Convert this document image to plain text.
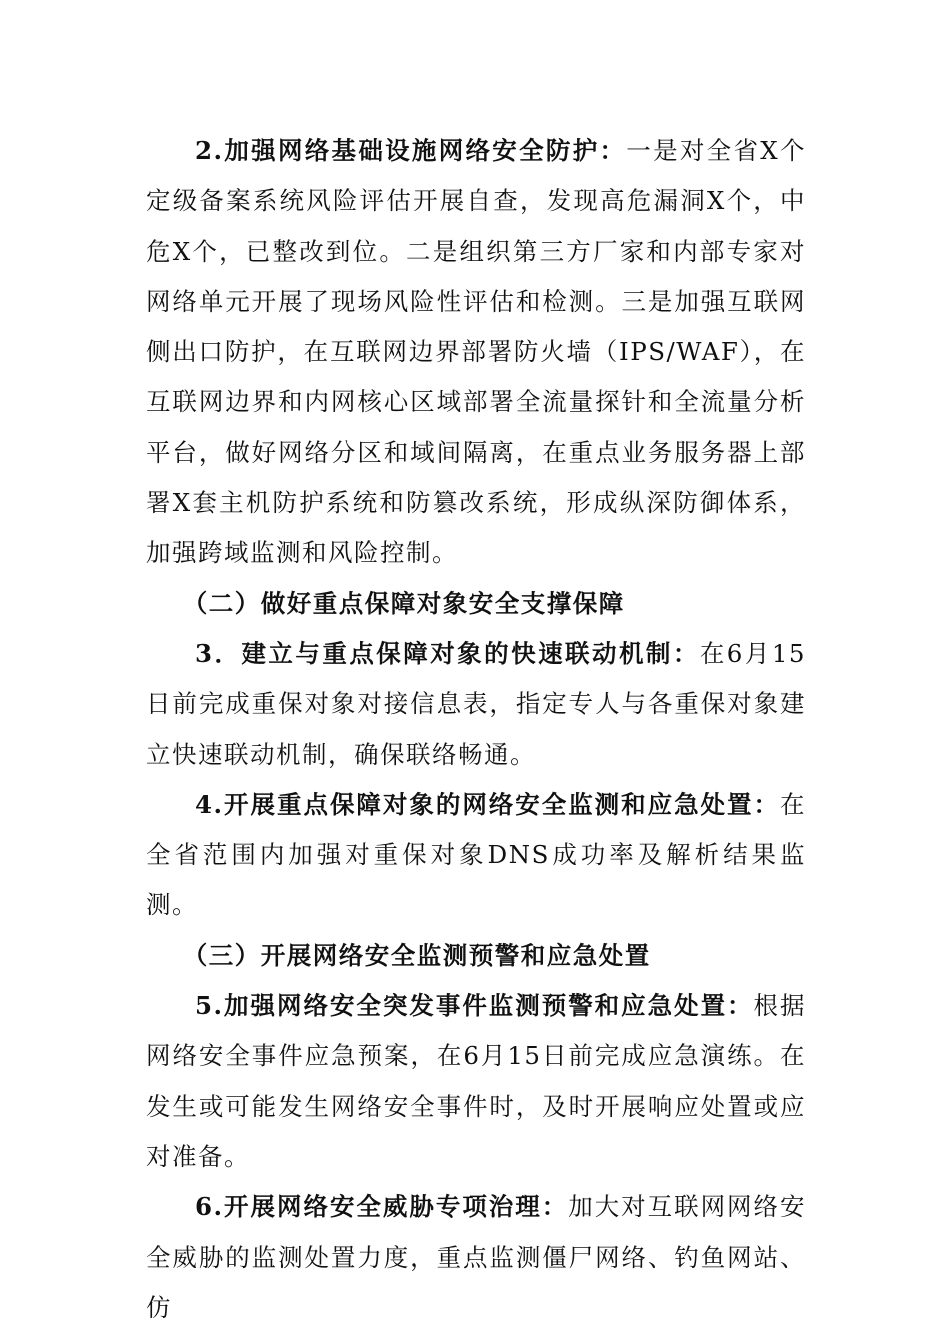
2.加强网络基础设施网络安全防护：一是对全省X个定级备案系统风险评估开展自查，发现高危漏洞X个，中危X个，已整改到位。二是组织第三方厂家和内部专家对网络单元开展了现场风险性评估和检测。三是加强互联网侧出口防护，在互联网边界部署防火墙（IPS/WAF），在互联网边界和内网核心区域部署全流量探针和全流量分析平台，做好网络分区和域间隔离，在重点业务服务器上部署X套主机防护系统和防篡改系统，形成纵深防御体系，加强跨域监测和风险控制。

（二）做好重点保障对象安全支撑保障

3．建立与重点保障对象的快速联动机制：在6月15日前完成重保对象对接信息表，指定专人与各重保对象建立快速联动机制，确保联络畅通。

4.开展重点保障对象的网络安全监测和应急处置：在全省范围内加强对重保对象DNS成功率及解析结果监测。

（三）开展网络安全监测预警和应急处置

5.加强网络安全突发事件监测预警和应急处置：根据网络安全事件应急预案，在6月15日前完成应急演练。在发生或可能发生网络安全事件时，及时开展响应处置或应对准备。

6.开展网络安全威胁专项治理：加大对互联网网络安全威胁的监测处置力度，重点监测僵尸网络、钓鱼网站、仿
